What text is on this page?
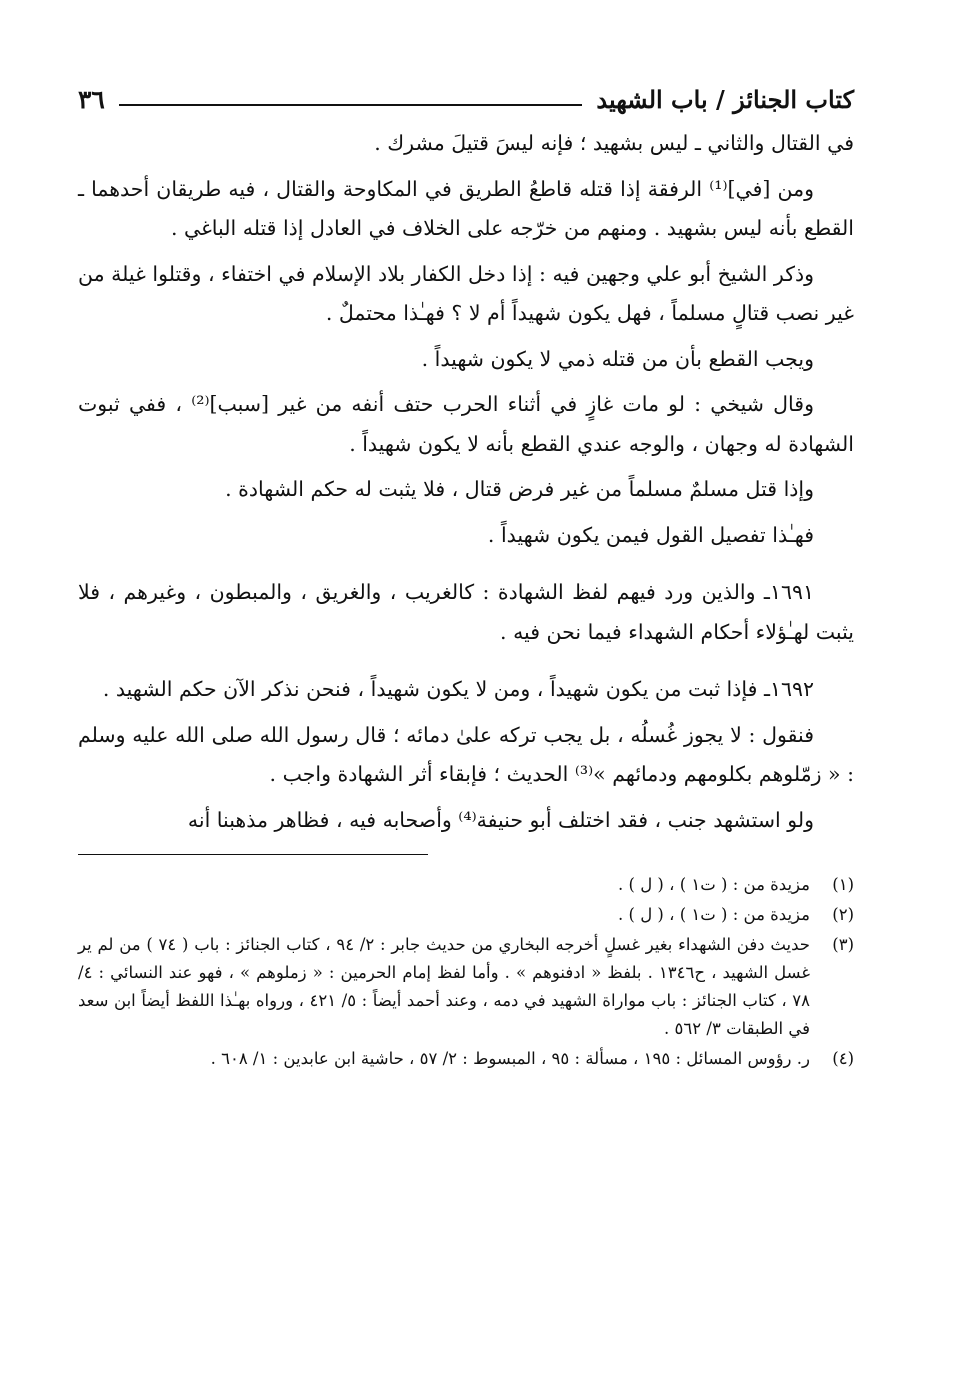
كتاب الجنائز / باب الشهيد
٣٦

في القتال والثاني ـ ليس بشهيد ؛ فإنه ليسَ قتيلَ مشرك .

ومن [في]⁽¹⁾ الرفقة إذا قتله قاطعُ الطريق في المكاوحة والقتال ، فيه طريقان أحدهما ـ القطع بأنه ليس بشهيد . ومنهم من خرّجه على الخلاف في العادل إذا قتله الباغي .

وذكر الشيخ أبو علي وجهين فيه : إذا دخل الكفار بلاد الإسلام في اختفاء ، وقتلوا غيلة من غير نصب قتالٍ مسلماً ، فهل يكون شهيداً أم لا ؟ فهـٰذا محتملٌ .

ويجب القطع بأن من قتله ذمي لا يكون شهيداً .

وقال شيخي : لو مات غازٍ في أثناء الحرب حتف أنفه من غير [سبب]⁽²⁾ ، ففي ثبوت الشهادة له وجهان ، والوجه عندي القطع بأنه لا يكون شهيداً .

وإذا قتل مسلمٌ مسلماً من غير فرض قتال ، فلا يثبت له حكم الشهادة .

فهـٰذا تفصيل القول فيمن يكون شهيداً .

١٦٩١ـ والذين ورد فيهم لفظ الشهادة : كالغريب ، والغريق ، والمبطون ، وغيرهم ، فلا يثبت لهـٰؤلاء أحكام الشهداء فيما نحن فيه .

١٦٩٢ـ فإذا ثبت من يكون شهيداً ، ومن لا يكون شهيداً ، فنحن نذكر الآن حكم الشهيد .

فنقول : لا يجوز غُسلُه ، بل يجب تركه علىٰ دمائه ؛ قال رسول الله صلى الله عليه وسلم : « زمّلوهم بكلومهم ودمائهم »⁽³⁾ الحديث ؛ فإبقاء أثر الشهادة واجب .

ولو استشهد جنب ، فقد اختلف أبو حنيفة⁽⁴⁾ وأصحابه فيه ، فظاهر مذهبنا أنه

(١)
مزيدة من : ( ت١ ) ، ( ل ) .
(٢)
مزيدة من : ( ت١ ) ، ( ل ) .
(٣)
حديث دفن الشهداء بغير غسلٍ أخرجه البخاري من حديث جابر : ٢/ ٩٤ ، كتاب الجنائز : باب ( ٧٤ ) من لم ير غسل الشهيد ، ح١٣٤٦ . بلفظ « ادفنوهم » . وأما لفظ إمام الحرمين : « زملوهم » ، فهو عند النسائي : ٤/ ٧٨ ، كتاب الجنائز : باب مواراة الشهيد في دمه ، وعند أحمد أيضاً : ٥/ ٤٢١ ، ورواه بهـٰذا اللفظ أيضاً ابن سعد في الطبقات ٣/ ٥٦٢ .
(٤)
ر. رؤوس المسائل : ١٩٥ ، مسألة : ٩٥ ، المبسوط : ٢/ ٥٧ ، حاشية ابن عابدين : ١/ ٦٠٨ .
